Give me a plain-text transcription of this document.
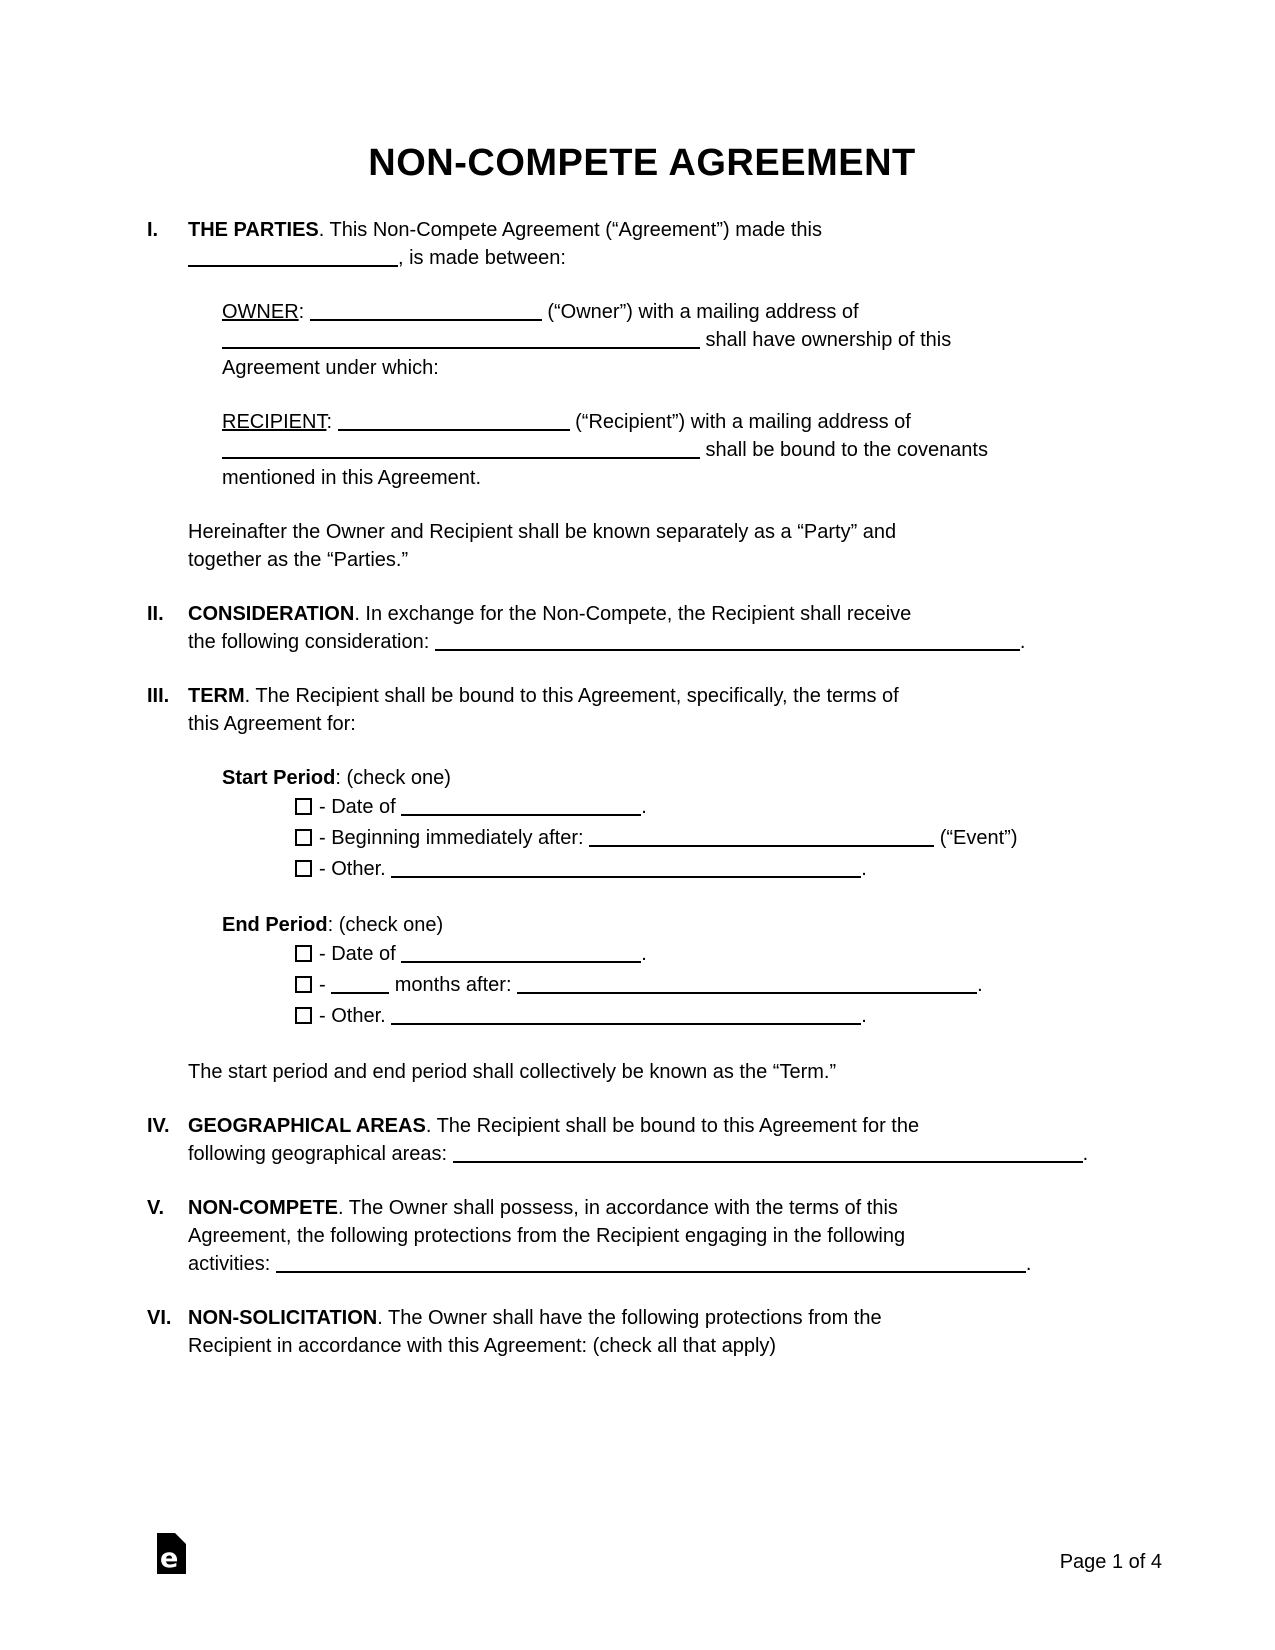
NON-COMPETE AGREEMENT
I.	THE PARTIES. This Non-Compete Agreement (“Agreement”) made this
, is made between:
OWNER:	(“Owner”) with a mailing address of
shall have ownership of this
Agreement under which:
RECIPIENT:	(“Recipient”) with a mailing address of
shall be bound to the covenants
mentioned in this Agreement.
Hereinafter the Owner and Recipient shall be known separately as a “Party” and
together as the “Parties.”
II.	CONSIDERATION. In exchange for the Non-Compete, the Recipient shall receive
the following consideration:	.
III. TERM. The Recipient shall be bound to this Agreement, specifically, the terms of
this Agreement for:
Start Period: (check one)
- Date of	.
- Beginning immediately after:	(“Event”)
- Other.	.
End Period: (check one)
- Date of	.
-	months after:	.
- Other.	.
The start period and end period shall collectively be known as the “Term.”
IV. GEOGRAPHICAL AREAS. The Recipient shall be bound to this Agreement for the
following geographical areas:	.
V.	NON-COMPETE. The Owner shall possess, in accordance with the terms of this
Agreement, the following protections from the Recipient engaging in the following
activities:	.
VI. NON-SOLICITATION. The Owner shall have the following protections from the
Recipient in accordance with this Agreement: (check all that apply)
e	Page 1 of 4
